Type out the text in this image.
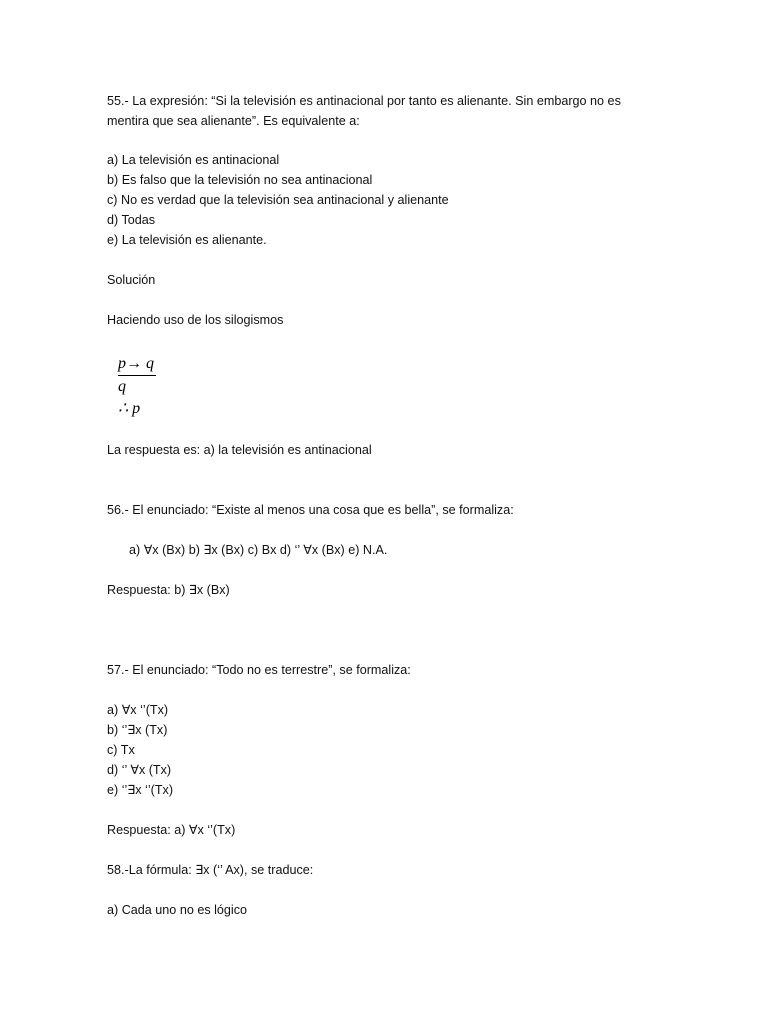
55.- La expresión: “Si la televisión es antinacional por tanto es alienante. Sin embargo no es
mentira que sea alienante”. Es equivalente a:
a) La televisión es antinacional
b) Es falso que la televisión no sea antinacional
c) No es verdad que la televisión sea antinacional y alienante
d) Todas
e) La televisión es alienante.
Solución
Haciendo uso de los silogismos
p→ q
q
∴ p
La respuesta es: a) la televisión es antinacional
56.- El enunciado: “Existe al menos una cosa que es bella”, se formaliza:
a) ∀x (Bx) b) ∃x (Bx) c) Bx d) ‘’ ∀x (Bx) e) N.A.
Respuesta: b) ∃x (Bx)
57.- El enunciado: “Todo no es terrestre”, se formaliza:
a) ∀x ‘’(Tx)
b) ‘’∃x (Tx)
c) Tx
d) ‘’ ∀x (Tx)
e) ‘’∃x ‘’(Tx)
Respuesta: a) ∀x ‘’(Tx)
58.-La fórmula: ∃x (‘’ Ax), se traduce:
a) Cada uno no es lógico
